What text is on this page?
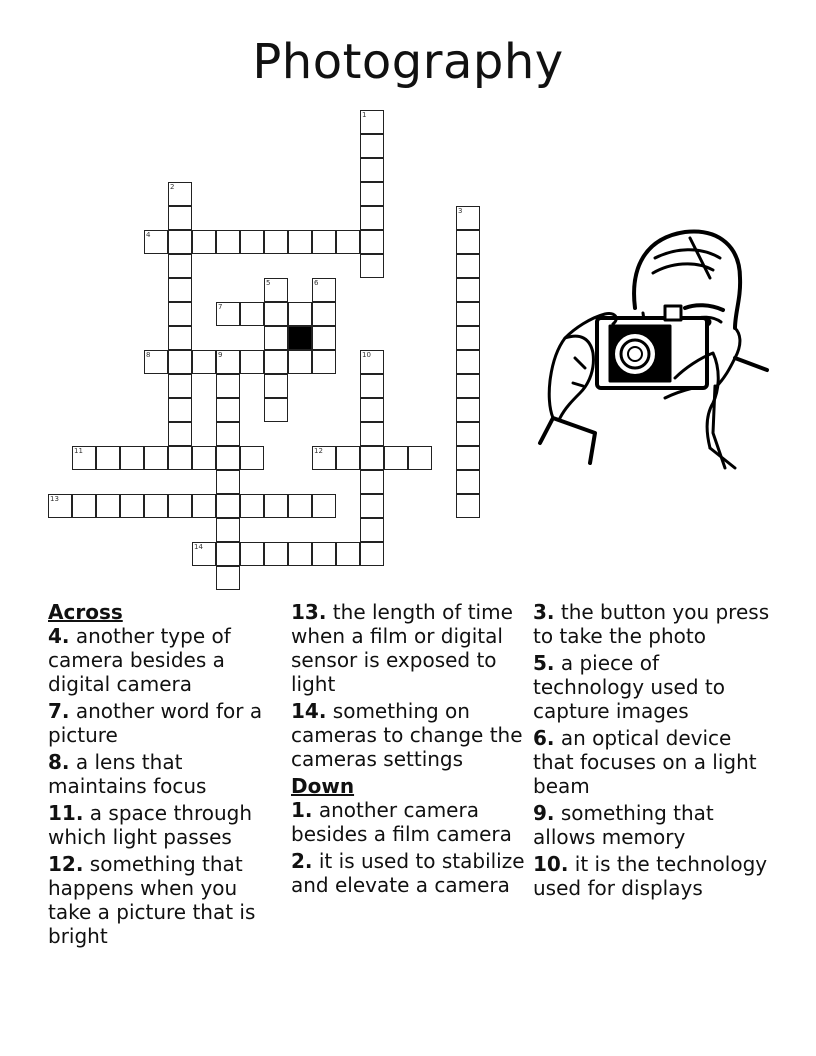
Photography
1
2
3
4
5	6
7
8	9	10
11	12
13
14
Across
4. another type of camera besides a digital camera
7. another word for a picture
8. a lens that maintains focus
11. a space through which light passes
12. something that happens when you take a picture that is bright
13. the length of time when a film or digital sensor is exposed to light
14. something on cameras to change the cameras settings
Down
1. another camera besides a film camera
2. it is used to stabilize and elevate a camera
3. the button you press to take the photo
5. a piece of technology used to capture images
6. an optical device that focuses on a light beam
9. something that allows memory
10. it is the technology used for displays
